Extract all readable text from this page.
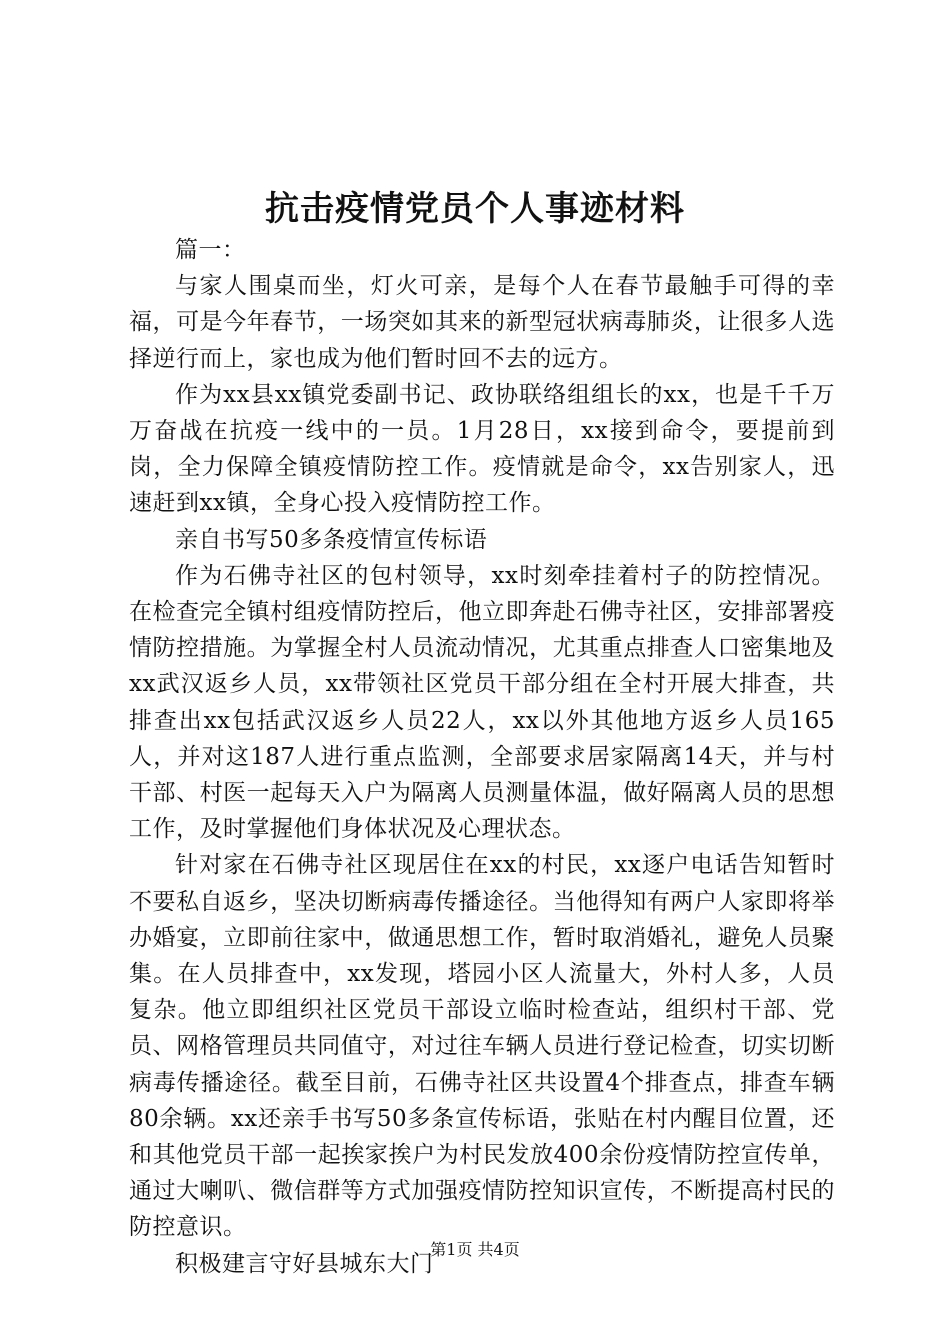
抗击疫情党员个人事迹材料

篇一：

与家人围桌而坐，灯火可亲，是每个人在春节最触手可得的幸福，可是今年春节，一场突如其来的新型冠状病毒肺炎，让很多人选择逆行而上，家也成为他们暂时回不去的远方。

作为xx县xx镇党委副书记、政协联络组组长的xx，也是千千万万奋战在抗疫一线中的一员。1月28日，xx接到命令，要提前到岗，全力保障全镇疫情防控工作。疫情就是命令，xx告别家人，迅速赶到xx镇，全身心投入疫情防控工作。

亲自书写50多条疫情宣传标语

作为石佛寺社区的包村领导，xx时刻牵挂着村子的防控情况。在检查完全镇村组疫情防控后，他立即奔赴石佛寺社区，安排部署疫情防控措施。为掌握全村人员流动情况，尤其重点排查人口密集地及xx武汉返乡人员，xx带领社区党员干部分组在全村开展大排查，共排查出xx包括武汉返乡人员22人，xx以外其他地方返乡人员165人，并对这187人进行重点监测，全部要求居家隔离14天，并与村干部、村医一起每天入户为隔离人员测量体温，做好隔离人员的思想工作，及时掌握他们身体状况及心理状态。

针对家在石佛寺社区现居住在xx的村民，xx逐户电话告知暂时不要私自返乡，坚决切断病毒传播途径。当他得知有两户人家即将举办婚宴，立即前往家中，做通思想工作，暂时取消婚礼，避免人员聚集。在人员排查中，xx发现，塔园小区人流量大，外村人多，人员复杂。他立即组织社区党员干部设立临时检查站，组织村干部、党员、网格管理员共同值守，对过往车辆人员进行登记检查，切实切断病毒传播途径。截至目前，石佛寺社区共设置4个排查点，排查车辆80余辆。xx还亲手书写50多条宣传标语，张贴在村内醒目位置，还和其他党员干部一起挨家挨户为村民发放400余份疫情防控宣传单，通过大喇叭、微信群等方式加强疫情防控知识宣传，不断提高村民的防控意识。

积极建言守好县城东大门

第1页 共4页
